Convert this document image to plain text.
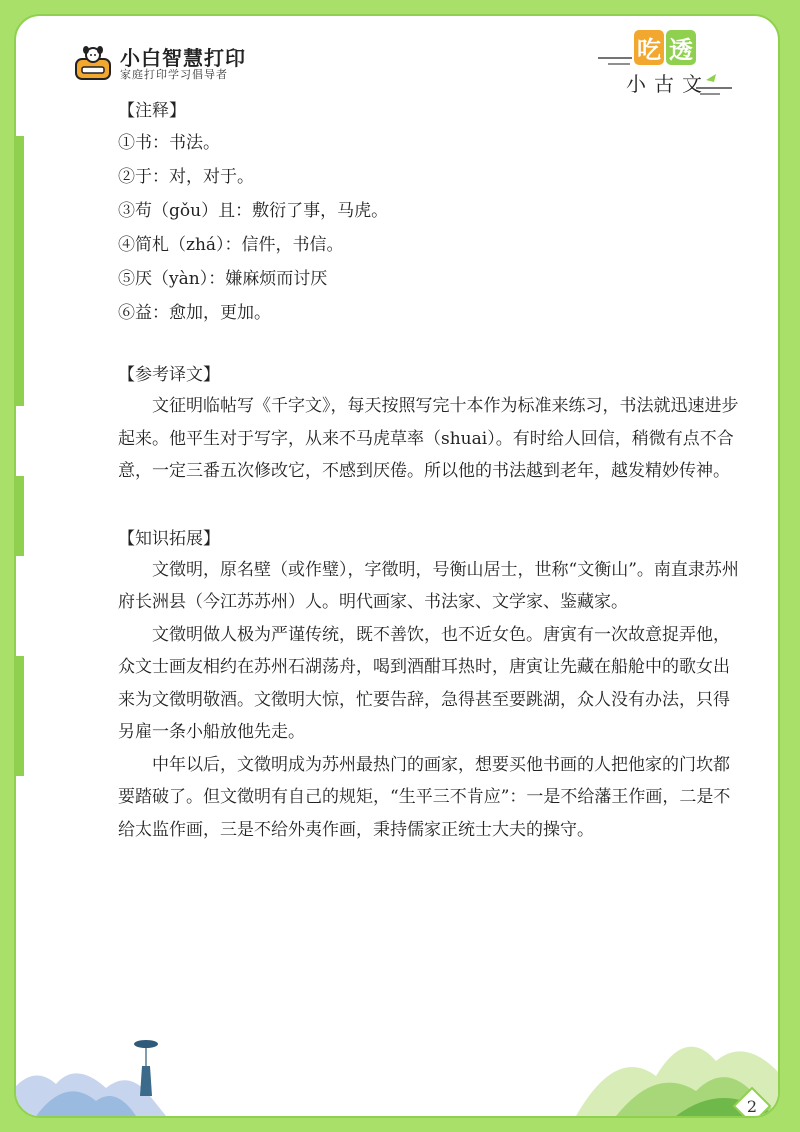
小白智慧打印
家庭打印学习倡导者
吃 透
小古文

【注释】

①书：书法。

②于：对，对于。

③苟（gǒu）且：敷衍了事，马虎。

④简札（zhá）：信件，书信。

⑤厌（yàn）：嫌麻烦而讨厌

⑥益：愈加，更加。

【参考译文】

文征明临帖写《千字文》，每天按照写完十本作为标准来练习，书法就迅速进步起来。他平生对于写字，从来不马虎草率（shuai）。有时给人回信，稍微有点不合意，一定三番五次修改它，不感到厌倦。所以他的书法越到老年，越发精妙传神。

【知识拓展】

文徵明，原名壁（或作璧），字徵明，号衡山居士，世称“文衡山”。南直隶苏州府长洲县（今江苏苏州）人。明代画家、书法家、文学家、鉴藏家。

文徵明做人极为严谨传统，既不善饮，也不近女色。唐寅有一次故意捉弄他，众文士画友相约在苏州石湖荡舟，喝到酒酣耳热时，唐寅让先藏在船舱中的歌女出来为文徵明敬酒。文徵明大惊，忙要告辞，急得甚至要跳湖，众人没有办法，只得另雇一条小船放他先走。

中年以后，文徵明成为苏州最热门的画家，想要买他书画的人把他家的门坎都要踏破了。但文徵明有自己的规矩，“生平三不肯应”：一是不给藩王作画，二是不给太监作画，三是不给外夷作画，秉持儒家正统士大夫的操守。

2
